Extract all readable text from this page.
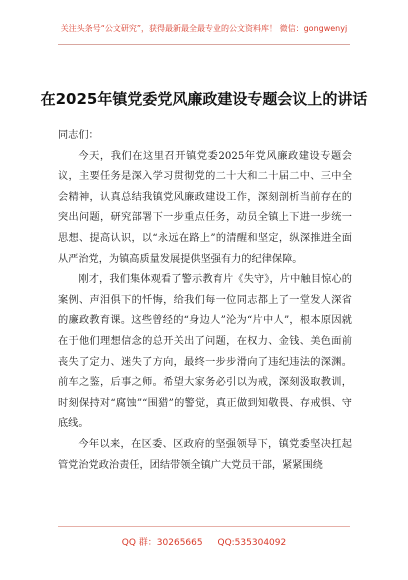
关注头条号“公文研究”，获得最新最全最专业的公文资料库！ 微信：gongwenyj
在2025年镇党委党风廉政建设专题会议上的讲话

同志们：

今天，我们在这里召开镇党委2025年党风廉政建设专题会议，主要任务是深入学习贯彻党的二十大和二十届二中、三中全会精神，认真总结我镇党风廉政建设工作，深刻剖析当前存在的突出问题，研究部署下一步重点任务，动员全镇上下进一步统一思想、提高认识，以“永远在路上”的清醒和坚定，纵深推进全面从严治党，为镇高质量发展提供坚强有力的纪律保障。

刚才，我们集体观看了警示教育片《失守》，片中触目惊心的案例、声泪俱下的忏悔，给我们每一位同志都上了一堂发人深省的廉政教育课。这些曾经的“身边人”沦为“片中人”，根本原因就在于他们理想信念的总开关出了问题，在权力、金钱、美色面前丧失了定力、迷失了方向，最终一步步滑向了违纪违法的深渊。前车之鉴，后事之师。希望大家务必引以为戒，深刻汲取教训，时刻保持对“腐蚀”“围猎”的警觉，真正做到知敬畏、存戒惧、守底线。

今年以来，在区委、区政府的坚强领导下，镇党委坚决扛起管党治党政治责任，团结带领全镇广大党员干部，紧紧围绕

QQ 群：30265665 QQ:535304092
